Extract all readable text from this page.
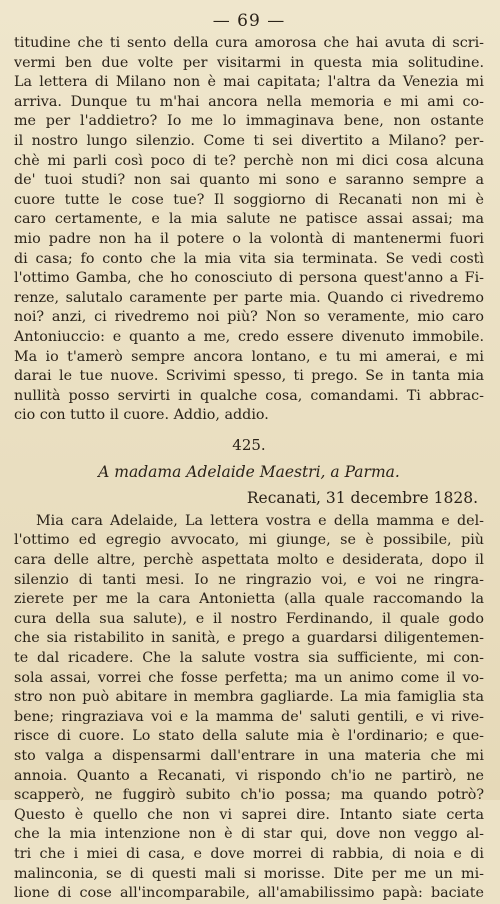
— 69 —
titudine che ti sento della cura amorosa che hai avuta di scri-
vermi ben due volte per visitarmi in questa mia solitudine.
La lettera di Milano non è mai capitata; l'altra da Venezia mi
arriva. Dunque tu m'hai ancora nella memoria e mi ami co-
me per l'addietro? Io me lo immaginava bene, non ostante
il nostro lungo silenzio. Come ti sei divertito a Milano? per-
chè mi parli così poco di te? perchè non mi dici cosa alcuna
de' tuoi studi? non sai quanto mi sono e saranno sempre a
cuore tutte le cose tue? Il soggiorno di Recanati non mi è
caro certamente, e la mia salute ne patisce assai assai; ma
mio padre non ha il potere o la volontà di mantenermi fuori
di casa; fo conto che la mia vita sia terminata. Se vedi costì
l'ottimo Gamba, che ho conosciuto di persona quest'anno a Fi-
renze, salutalo caramente per parte mia. Quando ci rivedremo
noi? anzi, ci rivedremo noi più? Non so veramente, mio caro
Antoniuccio: e quanto a me, credo essere divenuto immobile.
Ma io t'amerò sempre ancora lontano, e tu mi amerai, e mi
darai le tue nuove. Scrivimi spesso, ti prego. Se in tanta mia
nullità posso servirti in qualche cosa, comandami. Ti abbrac-
cio con tutto il cuore. Addio, addio.
425.
A madama Adelaide Maestri, a Parma.
Recanati, 31 decembre 1828.
Mia cara Adelaide, La lettera vostra e della mamma e del-
l'ottimo ed egregio avvocato, mi giunge, se è possibile, più
cara delle altre, perchè aspettata molto e desiderata, dopo il
silenzio di tanti mesi. Io ne ringrazio voi, e voi ne ringra-
zierete per me la cara Antonietta (alla quale raccomando la
cura della sua salute), e il nostro Ferdinando, il quale godo
che sia ristabilito in sanità, e prego a guardarsi diligentemen-
te dal ricadere. Che la salute vostra sia sufficiente, mi con-
sola assai, vorrei che fosse perfetta; ma un animo come il vo-
stro non può abitare in membra gagliarde. La mia famiglia sta
bene; ringraziava voi e la mamma de' saluti gentili, e vi rive-
risce di cuore. Lo stato della salute mia è l'ordinario; e que-
sto valga a dispensarmi dall'entrare in una materia che mi
annoia. Quanto a Recanati, vi rispondo ch'io ne partirò, ne
scapperò, ne fuggirò subito ch'io possa; ma quando potrò?
Questo è quello che non vi saprei dire. Intanto siate certa
che la mia intenzione non è di star qui, dove non veggo al-
tri che i miei di casa, e dove morrei di rabbia, di noia e di
malinconia, se di questi mali si morisse. Dite per me un mi-
lione di cose all'incomparabile, all'amabilissimo papà: baciate
